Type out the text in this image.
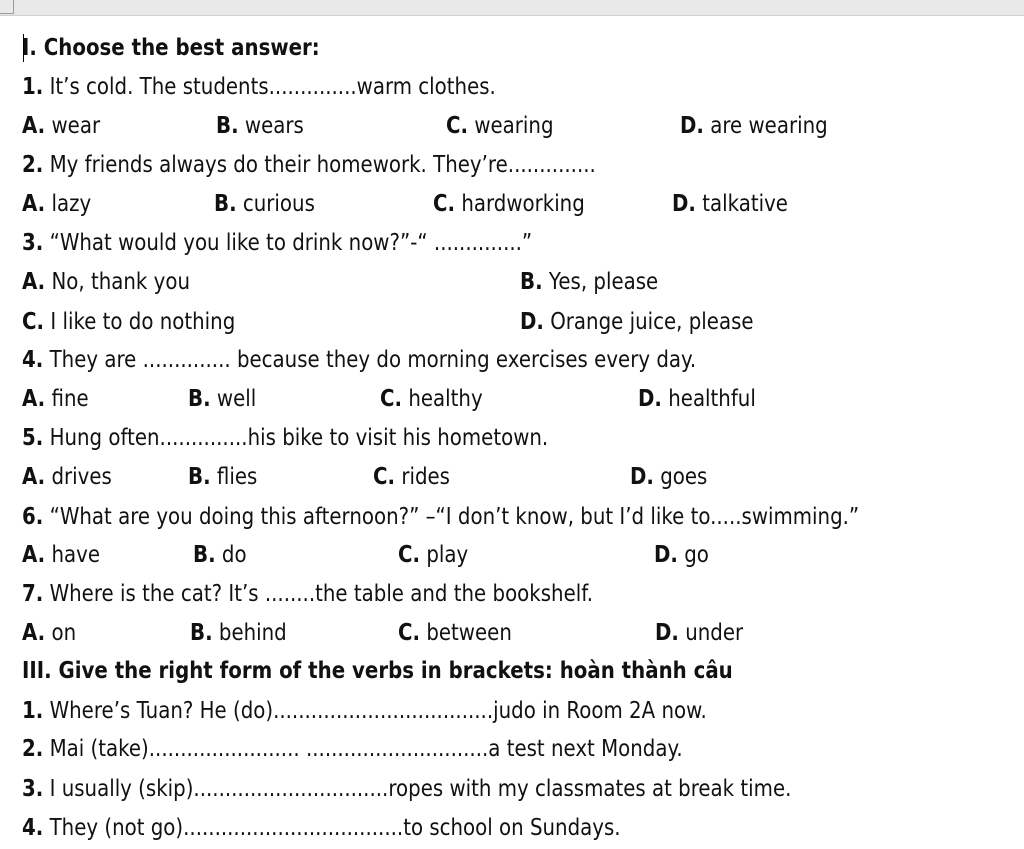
I. Choose the best answer:
1. It’s cold. The students..............warm clothes.
A. wear	B. wears	C. wearing	D. are wearing
2. My friends always do their homework. They’re..............
A. lazy	B. curious	C. hardworking	D. talkative
3. “What would you like to drink now?”-“ ..............”
A. No, thank you	B. Yes, please
C. I like to do nothing	D. Orange juice, please
4. They are .............. because they do morning exercises every day.
A. fine	B. well	C. healthy	D. healthful
5. Hung often..............his bike to visit his hometown.
A. drives	B. flies	C. rides	D. goes
6. “What are you doing this afternoon?” –“I don’t know, but I’d like to.....swimming.”
A. have	B. do	C. play	D. go
7. Where is the cat? It’s ........the table and the bookshelf.
A. on	B. behind	C. between	D. under
III. Give the right form of the verbs in brackets: hoàn thành câu
1. Where’s Tuan? He (do)...................................judo in Room 2A now.
2. Mai (take)........................ .............................a test next Monday.
3. I usually (skip)...............................ropes with my classmates at break time.
4. They (not go)...................................to school on Sundays.
